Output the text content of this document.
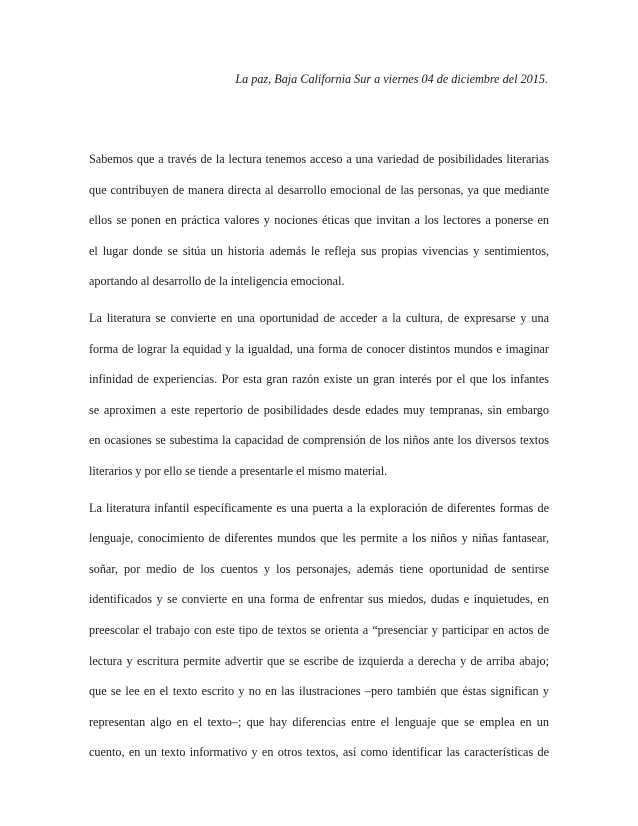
La paz, Baja California Sur a viernes 04 de diciembre del 2015.
Sabemos que a través de la lectura tenemos acceso a una variedad de posibilidades literarias
que contribuyen de manera directa al desarrollo emocional de las personas, ya que mediante
ellos se ponen en práctica valores y nociones éticas que invitan a los lectores a ponerse en
el lugar donde se sitúa un historia además le refleja sus propias vivencias y sentimientos,
aportando al desarrollo de la inteligencia emocional.
La literatura se convierte en una oportunidad de acceder a la cultura, de expresarse y una
forma de lograr la equidad y la igualdad, una forma de conocer distintos mundos e imaginar
infinidad de experiencias. Por esta gran razón existe un gran interés por el que los infantes
se aproximen a este repertorio de posibilidades desde edades muy tempranas, sin embargo
en ocasiones se subestima la capacidad de comprensión de los niños ante los diversos textos
literarios y por ello se tiende a presentarle el mismo material.
La literatura infantil específicamente es una puerta a la exploración de diferentes formas de
lenguaje, conocimiento de diferentes mundos que les permite a los niños y niñas fantasear,
soñar, por medio de los cuentos y los personajes, además tiene oportunidad de sentirse
identificados y se convierte en una forma de enfrentar sus miedos, dudas e inquietudes, en
preescolar el trabajo con este tipo de textos se orienta a “presenciar y participar en actos de
lectura y escritura permite advertir que se escribe de izquierda a derecha y de arriba abajo;
que se lee en el texto escrito y no en las ilustraciones –pero también que éstas significan y
representan algo en el texto–; que hay diferencias entre el lenguaje que se emplea en un
cuento, en un texto informativo y en otros textos, así como identificar las características de
